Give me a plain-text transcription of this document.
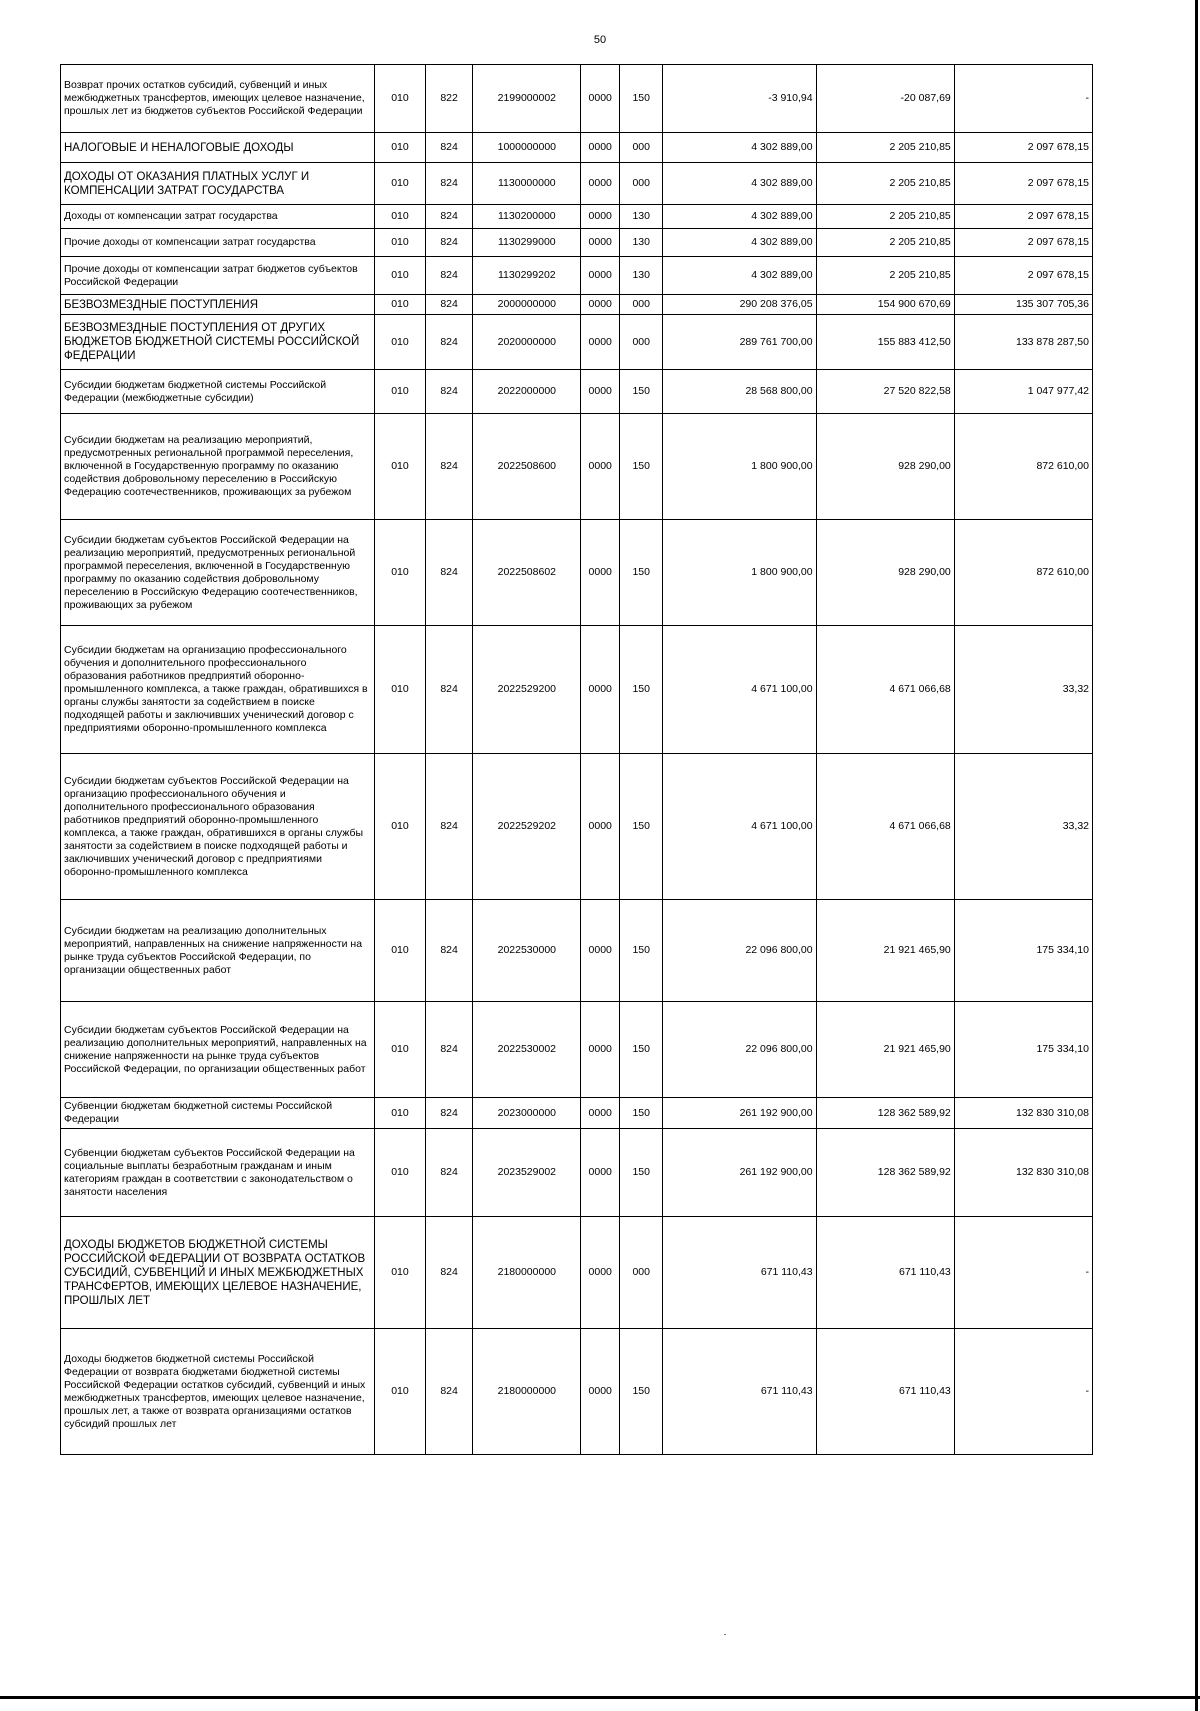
50
Возврат прочих остатков субсидий, субвенций и иных межбюджетных трансфертов, имеющих целевое назначение, прошлых лет из бюджетов субъектов Российской Федерации	010	822	2199000002	0000	150	-3 910,94	-20 087,69	-
НАЛОГОВЫЕ И НЕНАЛОГОВЫЕ ДОХОДЫ	010	824	1000000000	0000	000	4 302 889,00	2 205 210,85	2 097 678,15
ДОХОДЫ ОТ ОКАЗАНИЯ ПЛАТНЫХ УСЛУГ И КОМПЕНСАЦИИ ЗАТРАТ ГОСУДАРСТВА	010	824	1130000000	0000	000	4 302 889,00	2 205 210,85	2 097 678,15
Доходы от компенсации затрат государства	010	824	1130200000	0000	130	4 302 889,00	2 205 210,85	2 097 678,15
Прочие доходы от компенсации затрат государства	010	824	1130299000	0000	130	4 302 889,00	2 205 210,85	2 097 678,15
Прочие доходы от компенсации затрат бюджетов субъектов Российской Федерации	010	824	1130299202	0000	130	4 302 889,00	2 205 210,85	2 097 678,15
БЕЗВОЗМЕЗДНЫЕ ПОСТУПЛЕНИЯ	010	824	2000000000	0000	000	290 208 376,05	154 900 670,69	135 307 705,36
БЕЗВОЗМЕЗДНЫЕ ПОСТУПЛЕНИЯ ОТ ДРУГИХ БЮДЖЕТОВ БЮДЖЕТНОЙ СИСТЕМЫ РОССИЙСКОЙ ФЕДЕРАЦИИ	010	824	2020000000	0000	000	289 761 700,00	155 883 412,50	133 878 287,50
Субсидии бюджетам бюджетной системы Российской Федерации (межбюджетные субсидии)	010	824	2022000000	0000	150	28 568 800,00	27 520 822,58	1 047 977,42
Субсидии бюджетам на реализацию мероприятий, предусмотренных региональной программой переселения, включенной в Государственную программу по оказанию содействия добровольному переселению в Российскую Федерацию соотечественников, проживающих за рубежом	010	824	2022508600	0000	150	1 800 900,00	928 290,00	872 610,00
Субсидии бюджетам субъектов Российской Федерации на реализацию мероприятий, предусмотренных региональной программой переселения, включенной в Государственную программу по оказанию содействия добровольному переселению в Российскую Федерацию соотечественников, проживающих за рубежом	010	824	2022508602	0000	150	1 800 900,00	928 290,00	872 610,00
Субсидии бюджетам на организацию профессионального обучения и дополнительного профессионального образования работников предприятий оборонно-промышленного комплекса, а также граждан, обратившихся в органы службы занятости за содействием в поиске подходящей работы и заключивших ученический договор с предприятиями оборонно-промышленного комплекса	010	824	2022529200	0000	150	4 671 100,00	4 671 066,68	33,32
Субсидии бюджетам субъектов Российской Федерации на организацию профессионального обучения и дополнительного профессионального образования работников предприятий оборонно-промышленного комплекса, а также граждан, обратившихся в органы службы занятости за содействием в поиске подходящей работы и заключивших ученический договор с предприятиями оборонно-промышленного комплекса	010	824	2022529202	0000	150	4 671 100,00	4 671 066,68	33,32
Субсидии бюджетам на реализацию дополнительных мероприятий, направленных на снижение напряженности на рынке труда субъектов Российской Федерации, по организации общественных работ	010	824	2022530000	0000	150	22 096 800,00	21 921 465,90	175 334,10
Субсидии бюджетам субъектов Российской Федерации на реализацию дополнительных мероприятий, направленных на снижение напряженности на рынке труда субъектов Российской Федерации, по организации общественных работ	010	824	2022530002	0000	150	22 096 800,00	21 921 465,90	175 334,10
Субвенции бюджетам бюджетной системы Российской Федерации	010	824	2023000000	0000	150	261 192 900,00	128 362 589,92	132 830 310,08
Субвенции бюджетам субъектов Российской Федерации на социальные выплаты безработным гражданам и иным категориям граждан в соответствии с законодательством о занятости населения	010	824	2023529002	0000	150	261 192 900,00	128 362 589,92	132 830 310,08
ДОХОДЫ БЮДЖЕТОВ БЮДЖЕТНОЙ СИСТЕМЫ РОССИЙСКОЙ ФЕДЕРАЦИИ ОТ ВОЗВРАТА ОСТАТКОВ СУБСИДИЙ, СУБВЕНЦИЙ И ИНЫХ МЕЖБЮДЖЕТНЫХ ТРАНСФЕРТОВ, ИМЕЮЩИХ ЦЕЛЕВОЕ НАЗНАЧЕНИЕ, ПРОШЛЫХ ЛЕТ	010	824	2180000000	0000	000	671 110,43	671 110,43	-
Доходы бюджетов бюджетной системы Российской Федерации от возврата бюджетами бюджетной системы Российской Федерации остатков субсидий, субвенций и иных межбюджетных трансфертов, имеющих целевое назначение, прошлых лет, а также от возврата организациями остатков субсидий прошлых лет	010	824	2180000000	0000	150	671 110,43	671 110,43	-
